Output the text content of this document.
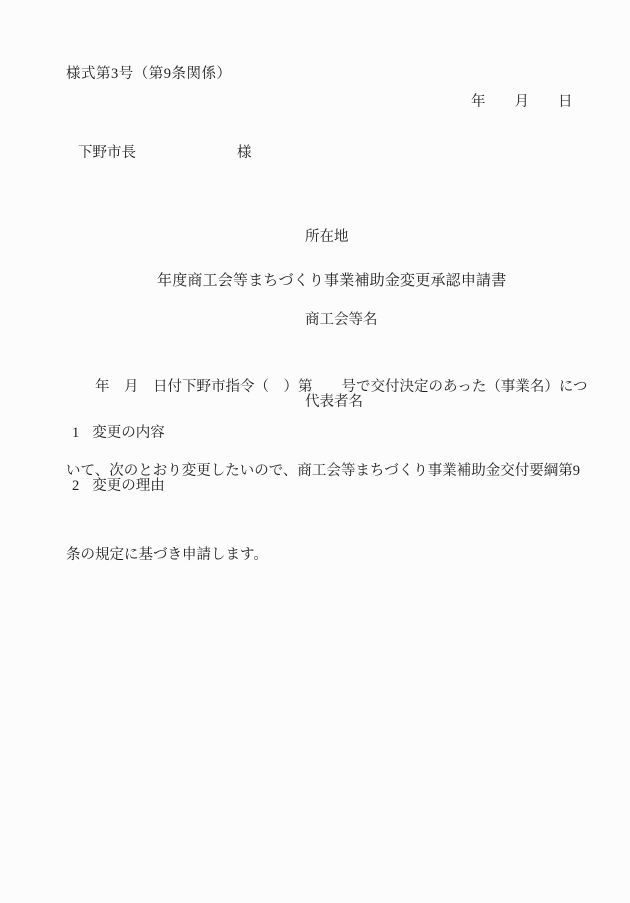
様式第3号（第9条関係）
年　　月　　日
下野市長	様

所在地

商工会等名

代表者名

年度商工会等まちづくり事業補助金変更承認申請書

年　月　日付下野市指令（　）第　　号で交付決定のあった（事業名）につ

いて、次のとおり変更したいので、商工会等まちづくり事業補助金交付要綱第9

条の規定に基づき申請します。

1 変更の内容
2 変更の理由
